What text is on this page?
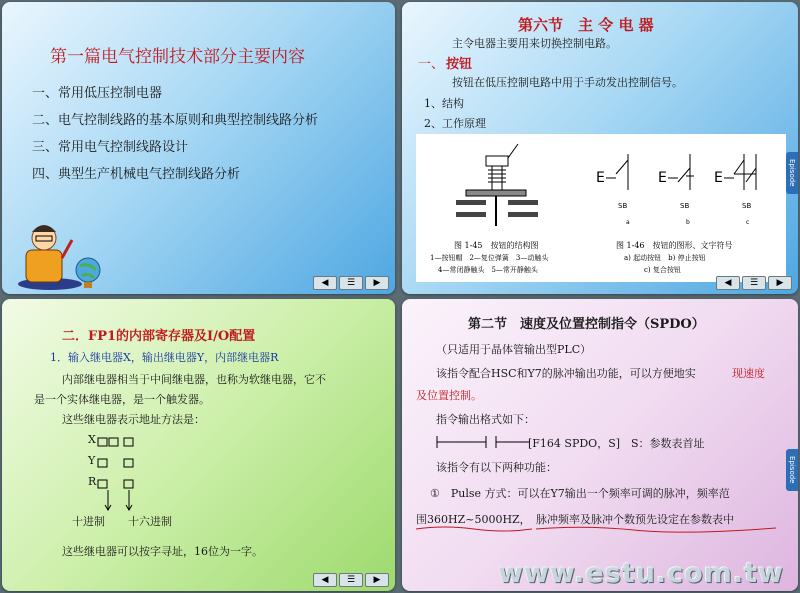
第一篇电气控制技术部分主要内容
一、常用低压控制电器
二、电气控制线路的基本原则和典型控制线路分析
三、常用电气控制线路设计
四、典型生产机械电气控制线路分析
◀	☰	▶
第六节　主 令 电 器
主令电器主要用来切换控制电路。
一、 按钮
按钮在低压控制电路中用于手动发出控制信号。
1、结构
2、工作原理
E
SB
E
SB
E
SB
a	b	c
图 1-45　按钮的结构图
1—按钮帽　2—复位弹簧　3—动触头
4—常闭静触头　5—常开静触头
图 1-46　按钮的图形、文字符号
a) 起动按钮　b) 停止按钮
c) 复合按钮
Episode
◀	☰	▶
二．FP1的内部寄存器及I/O配置
1．输入继电器X，输出继电器Y，内部继电器R
内部继电器相当于中间继电器，也称为软继电器，它不
是一个实体继电器，是一个触发器。
这些继电器表示地址方法是：
X
Y
R
十进制 十六进制
这些继电器可以按字寻址，16位为一字。
◀	☰	▶
第二节　速度及位置控制指令（SPDO）
（只适用于晶体管输出型PLC）
该指令配合HSC和Y7的脉冲输出功能，可以方便地实	现速度
及位置控制。
指令输出格式如下：
[F164 SPDO，S]　S：参数表首址
该指令有以下两种功能：
①　Pulse 方式：可以在Y7输出一个频率可调的脉冲，频率范
围360HZ~5000HZ， 脉冲频率及脉冲个数预先设定在参数表中
Episode
www.estu.com.tw
